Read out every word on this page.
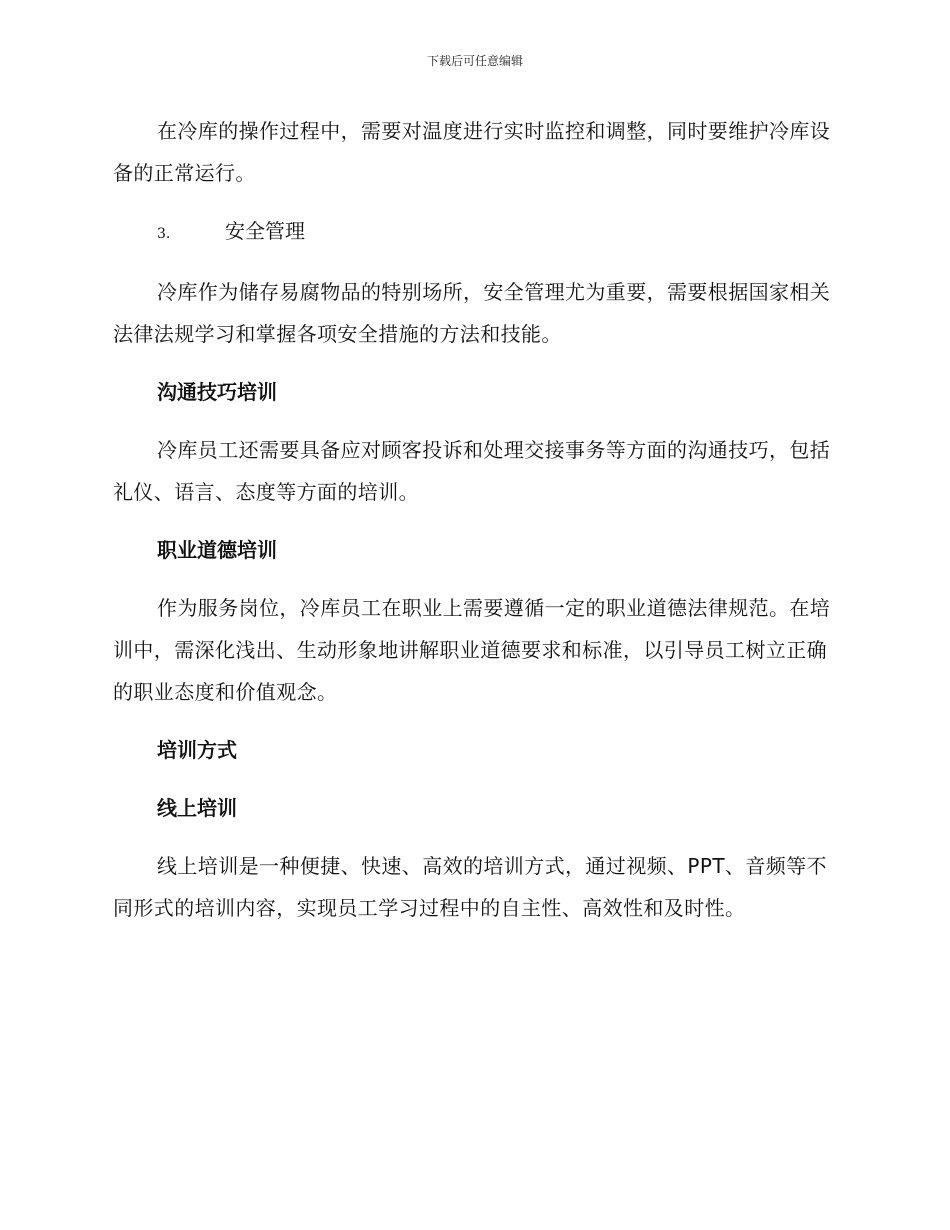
下载后可任意编辑

在冷库的操作过程中，需要对温度进行实时监控和调整，同时要维护冷库设备的正常运行。

3.	安全管理

冷库作为储存易腐物品的特别场所，安全管理尤为重要，需要根据国家相关法律法规学习和掌握各项安全措施的方法和技能。

沟通技巧培训

冷库员工还需要具备应对顾客投诉和处理交接事务等方面的沟通技巧，包括礼仪、语言、态度等方面的培训。

职业道德培训

作为服务岗位，冷库员工在职业上需要遵循一定的职业道德法律规范。在培训中，需深化浅出、生动形象地讲解职业道德要求和标准，以引导员工树立正确的职业态度和价值观念。

培训方式

线上培训

线上培训是一种便捷、快速、高效的培训方式，通过视频、PPT、音频等不同形式的培训内容，实现员工学习过程中的自主性、高效性和及时性。
